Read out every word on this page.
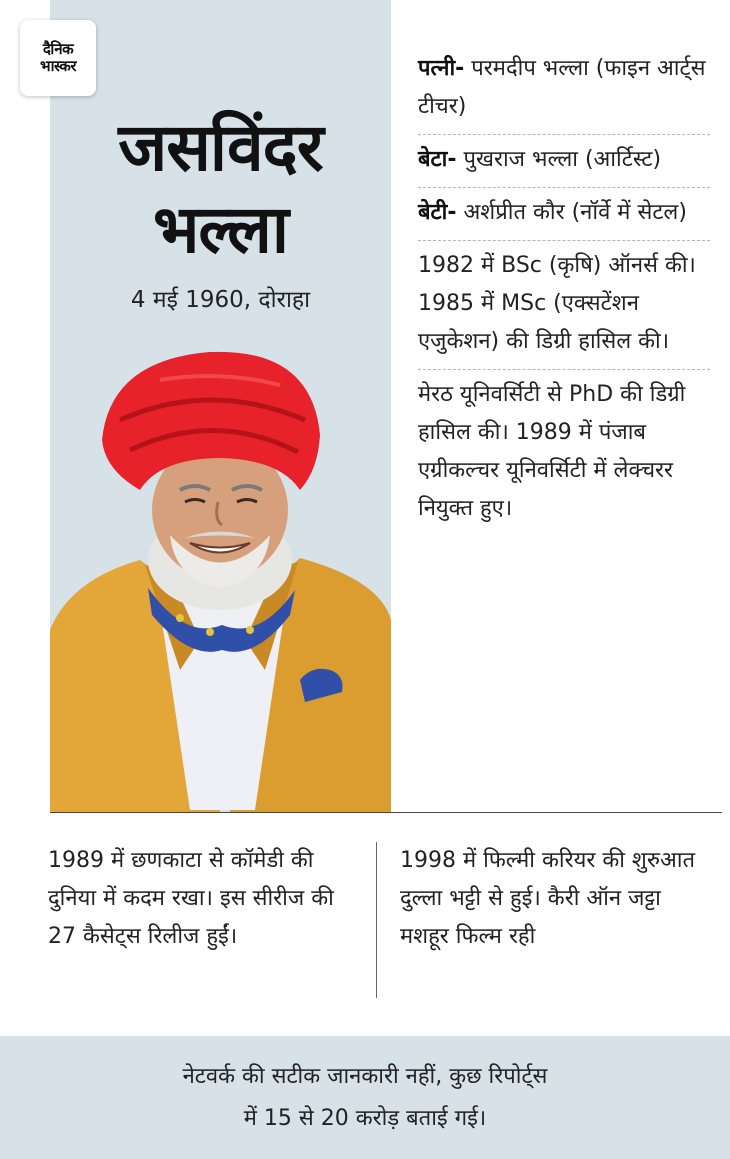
दैनिक
भास्कर
जसविंदर
भल्ला
4 मई 1960, दोराहा
पत्नी- परमदीप भल्ला (फाइन आर्ट्स टीचर)
बेटा- पुखराज भल्ला (आर्टिस्ट)
बेटी- अर्शप्रीत कौर (नॉर्वे में सेटल)
1982 में BSc (कृषि) ऑनर्स की। 1985 में MSc (एक्सटेंशन एजुकेशन) की डिग्री हासिल की।
मेरठ यूनिवर्सिटी से PhD की डिग्री हासिल की। 1989 में पंजाब एग्रीकल्चर यूनिवर्सिटी में लेक्चरर नियुक्त हुए।
1989 में छणकाटा से कॉमेडी की दुनिया में कदम रखा। इस सीरीज की 27 कैसेट्स रिलीज हुईं।
1998 में फिल्मी करियर की शुरुआत दुल्ला भट्टी से हुई। कैरी ऑन जट्टा मशहूर फिल्म रही
नेटवर्क की सटीक जानकारी नहीं, कुछ रिपोर्ट्स
में 15 से 20 करोड़ बताई गई।
